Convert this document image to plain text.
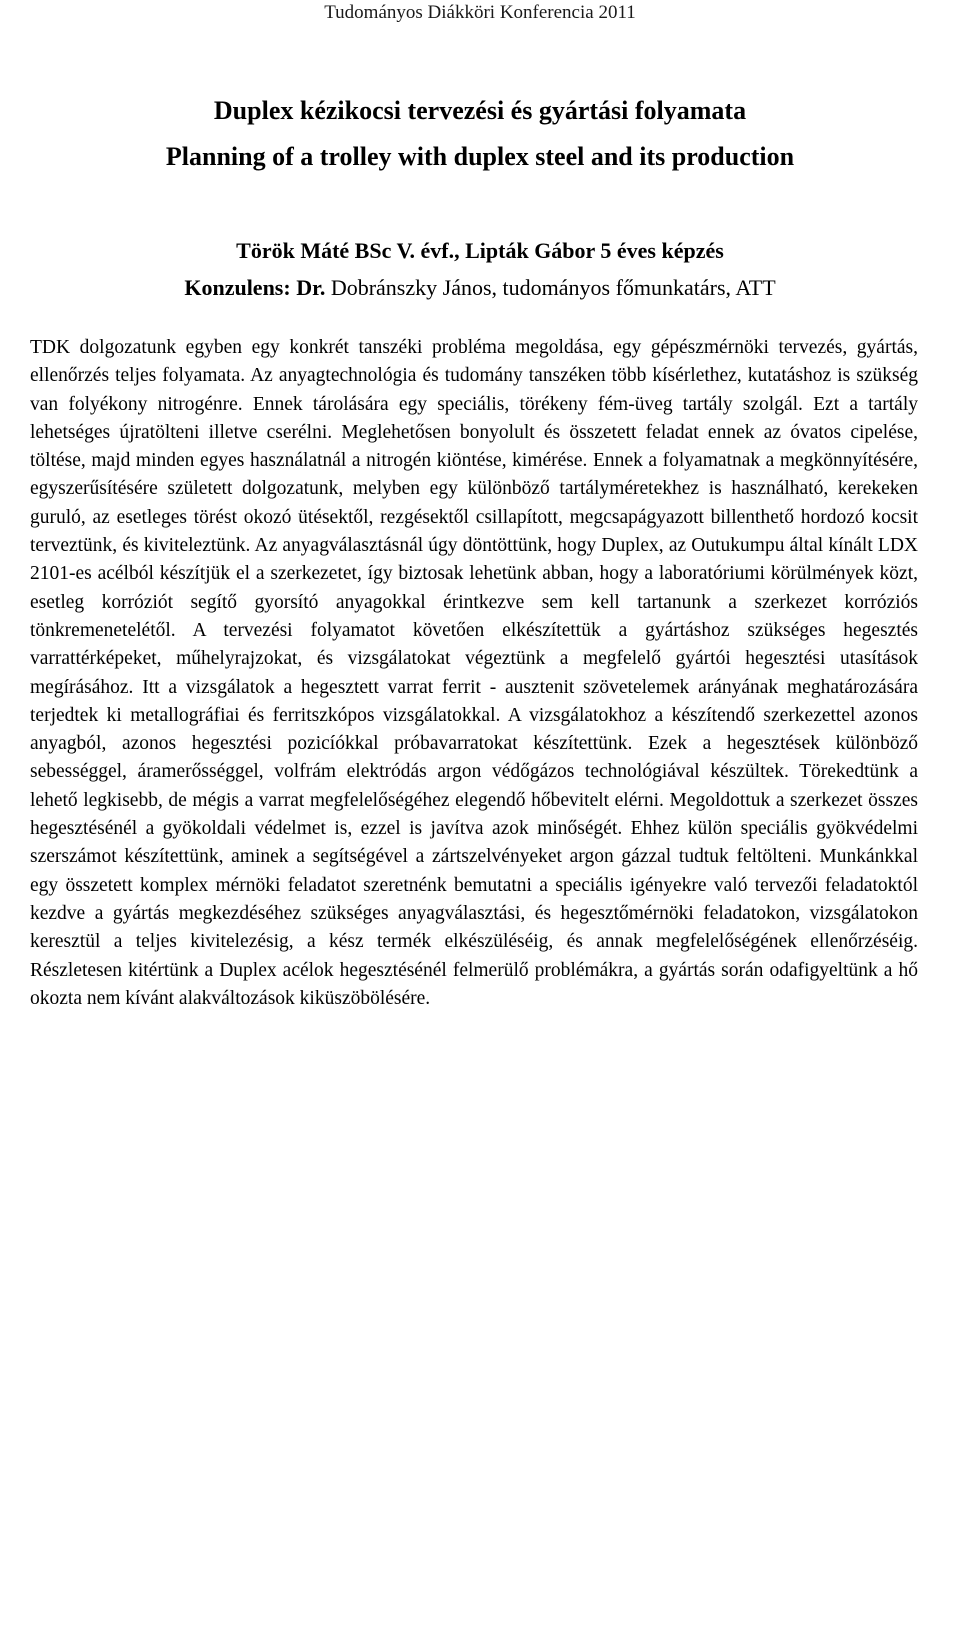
Tudományos Diákköri Konferencia 2011
Duplex kézikocsi tervezési és gyártási folyamata
Planning of a trolley with duplex steel and its production

Török Máté BSc V. évf., Lipták Gábor 5 éves képzés

Konzulens: Dr. Dobránszky János, tudományos főmunkatárs, ATT

TDK dolgozatunk egyben egy konkrét tanszéki probléma megoldása, egy gépészmérnöki tervezés, gyártás, ellenőrzés teljes folyamata. Az anyagtechnológia és tudomány tanszéken több kísérlethez, kutatáshoz is szükség van folyékony nitrogénre. Ennek tárolására egy speciális, törékeny fém-üveg tartály szolgál. Ezt a tartály lehetséges újratölteni illetve cserélni. Meglehetősen bonyolult és összetett feladat ennek az óvatos cipelése, töltése, majd minden egyes használatnál a nitrogén kiöntése, kimérése. Ennek a folyamatnak a megkönnyítésére, egyszerűsítésére született dolgozatunk, melyben egy különböző tartályméretekhez is használható, kerekeken guruló, az esetleges törést okozó ütésektől, rezgésektől csillapított, megcsapágyazott billenthető hordozó kocsit terveztünk, és kiviteleztünk. Az anyagválasztásnál úgy döntöttünk, hogy Duplex, az Outukumpu által kínált LDX 2101-es acélból készítjük el a szerkezetet, így biztosak lehetünk abban, hogy a laboratóriumi körülmények közt, esetleg korróziót segítő gyorsító anyagokkal érintkezve sem kell tartanunk a szerkezet korróziós tönkremenetelétől. A tervezési folyamatot követően elkészítettük a gyártáshoz szükséges hegesztés varrattérképeket, műhelyrajzokat, és vizsgálatokat végeztünk a megfelelő gyártói hegesztési utasítások megírásához. Itt a vizsgálatok a hegesztett varrat ferrit - ausztenit szövetelemek arányának meghatározására terjedtek ki metallográfiai és ferritszkópos vizsgálatokkal. A vizsgálatokhoz a készítendő szerkezettel azonos anyagból, azonos hegesztési pozicíókkal próbavarratokat készítettünk. Ezek a hegesztések különböző sebességgel, áramerősséggel, volfrám elektródás argon védőgázos technológiával készültek. Törekedtünk a lehető legkisebb, de mégis a varrat megfelelőségéhez elegendő hőbevitelt elérni. Megoldottuk a szerkezet összes hegesztésénél a gyökoldali védelmet is, ezzel is javítva azok minőségét. Ehhez külön speciális gyökvédelmi szerszámot készítettünk, aminek a segítségével a zártszelvényeket argon gázzal tudtuk feltölteni. Munkánkkal egy összetett komplex mérnöki feladatot szeretnénk bemutatni a speciális igényekre való tervezői feladatoktól kezdve a gyártás megkezdéséhez szükséges anyagválasztási, és hegesztőmérnöki feladatokon, vizsgálatokon keresztül a teljes kivitelezésig, a kész termék elkészüléséig, és annak megfelelőségének ellenőrzéséig. Részletesen kitértünk a Duplex acélok hegesztésénél felmerülő problémákra, a gyártás során odafigyeltünk a hő okozta nem kívánt alakváltozások kiküszöbölésére.
